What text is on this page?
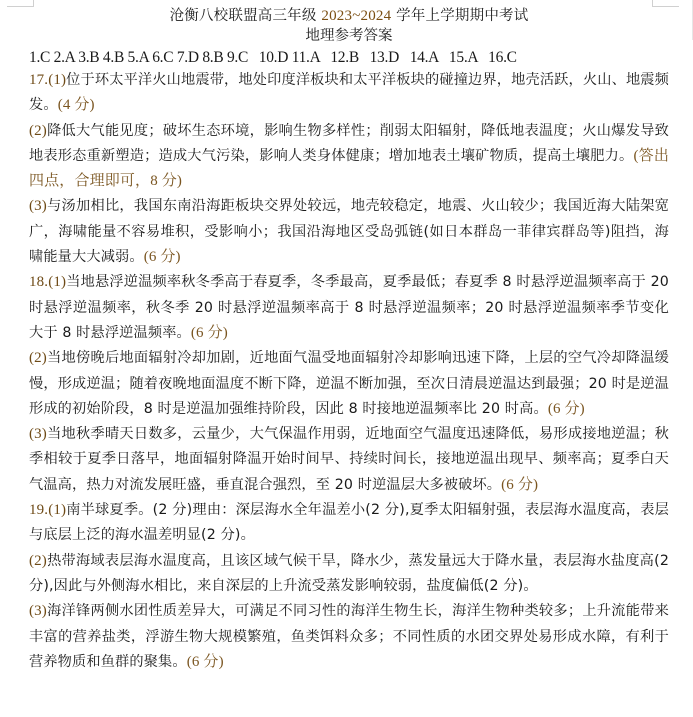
沧衡八校联盟高三年级 2023~2024 学年上学期期中考试
地理参考答案
1.C 2.A 3.B 4.B 5.A 6.C 7.D 8.B 9.C   10.D 11.A   12.B   13.D   14.A   15.A   16.C

17.(1)位于环太平洋火山地震带，地处印度洋板块和太平洋板块的碰撞边界，地壳活跃，火山、地震频发。(4 分)

(2)降低大气能见度；破坏生态环境，影响生物多样性；削弱太阳辐射，降低地表温度；火山爆发导致地表形态重新塑造；造成大气污染，影响人类身体健康；增加地表土壤矿物质，提高土壤肥力。(答出四点，合理即可，8 分)

(3)与汤加相比，我国东南沿海距板块交界处较远，地壳较稳定，地震、火山较少；我国近海大陆架宽广，海啸能量不容易堆积，受影响小；我国沿海地区受岛弧链(如日本群岛一菲律宾群岛等)阻挡，海啸能量大大减弱。(6 分)

18.(1)当地悬浮逆温频率秋冬季高于春夏季，冬季最高，夏季最低；春夏季 8 时悬浮逆温频率高于 20 时悬浮逆温频率，秋冬季 20 时悬浮逆温频率高于 8 时悬浮逆温频率；20 时悬浮逆温频率季节变化大于 8 时悬浮逆温频率。(6 分)

(2)当地傍晚后地面辐射冷却加剧，近地面气温受地面辐射冷却影响迅速下降，上层的空气冷却降温缓慢，形成逆温；随着夜晚地面温度不断下降，逆温不断加强，至次日清晨逆温达到最强；20 时是逆温形成的初始阶段，8 时是逆温加强维持阶段，因此 8 时接地逆温频率比 20 时高。(6 分)

(3)当地秋季晴天日数多，云量少，大气保温作用弱，近地面空气温度迅速降低，易形成接地逆温；秋季相较于夏季日落早，地面辐射降温开始时间早、持续时间长，接地逆温出现早、频率高；夏季白天气温高，热力对流发展旺盛，垂直混合强烈，至 20 时逆温层大多被破坏。(6 分)

19.(1)南半球夏季。(2 分)理由：深层海水全年温差小(2 分),夏季太阳辐射强，表层海水温度高，表层与底层上泛的海水温差明显(2 分)。

(2)热带海域表层海水温度高，且该区域气候干旱，降水少，蒸发量远大于降水量，表层海水盐度高(2 分),因此与外侧海水相比，来自深层的上升流受蒸发影响较弱，盐度偏低(2 分)。

(3)海洋锋两侧水团性质差异大，可满足不同习性的海洋生物生长，海洋生物种类较多；上升流能带来丰富的营养盐类，浮游生物大规模繁殖，鱼类饵料众多；不同性质的水团交界处易形成水障，有利于营养物质和鱼群的聚集。(6 分)
